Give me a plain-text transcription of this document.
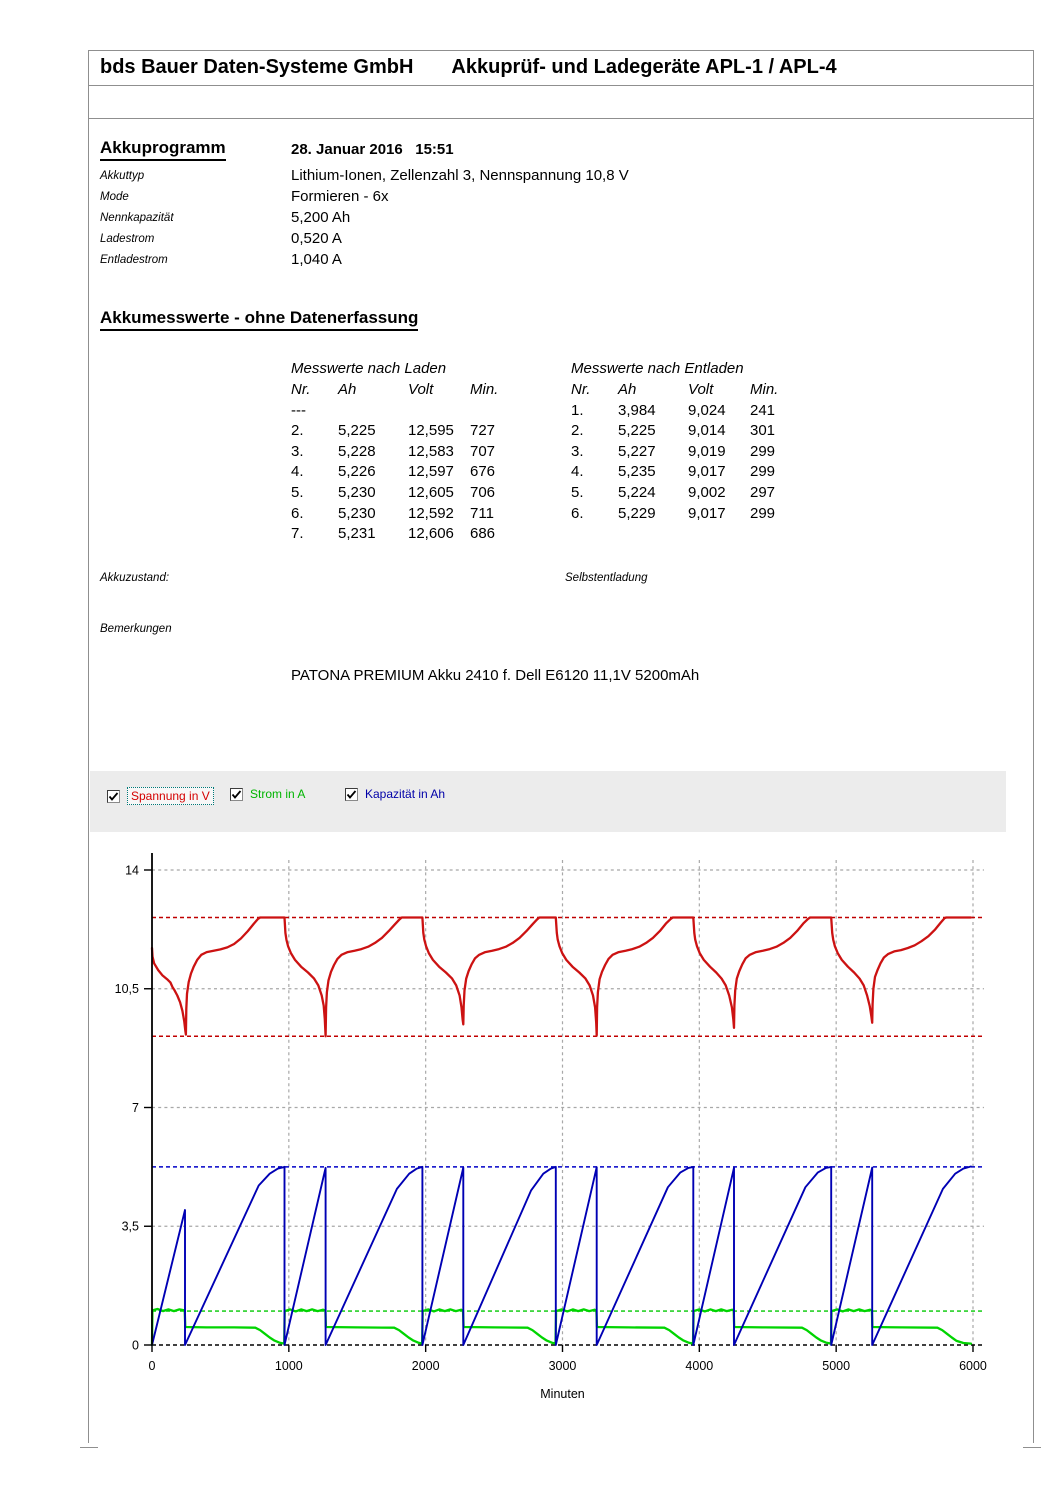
bds Bauer Daten-Systeme GmbH Akkuprüf- und Ladegeräte APL-1 / APL-4
Akkuprogramm	28. Januar 2016   15:51
Akkuttyp	Lithium-Ionen, Zellenzahl 3, Nennspannung 10,8 V
Mode	Formieren - 6x
Nennkapazität	5,200 Ah
Ladestrom	0,520 A
Entladestrom	1,040 A
Akkumesswerte - ohne Datenerfassung
Messwerte nach Laden
Nr.	Ah	Volt	Min.
---
2.	5,225	12,595	727
3.	5,228	12,583	707
4.	5,226	12,597	676
5.	5,230	12,605	706
6.	5,230	12,592	711
7.	5,231	12,606	686
Messwerte nach Entladen
Nr.	Ah	Volt	Min.
1.	3,984	9,024	241
2.	5,225	9,014	301
3.	5,227	9,019	299
4.	5,235	9,017	299
5.	5,224	9,002	297
6.	5,229	9,017	299
Akkuzustand:	Selbstentladung
Bemerkungen
PATONA PREMIUM Akku 2410 f. Dell E6120 11,1V 5200mAh
Spannung in V	Strom in A	Kapazität in Ah
0
3,5
7
10,5
14
0	1000	2000	3000	4000	5000	6000
Minuten
